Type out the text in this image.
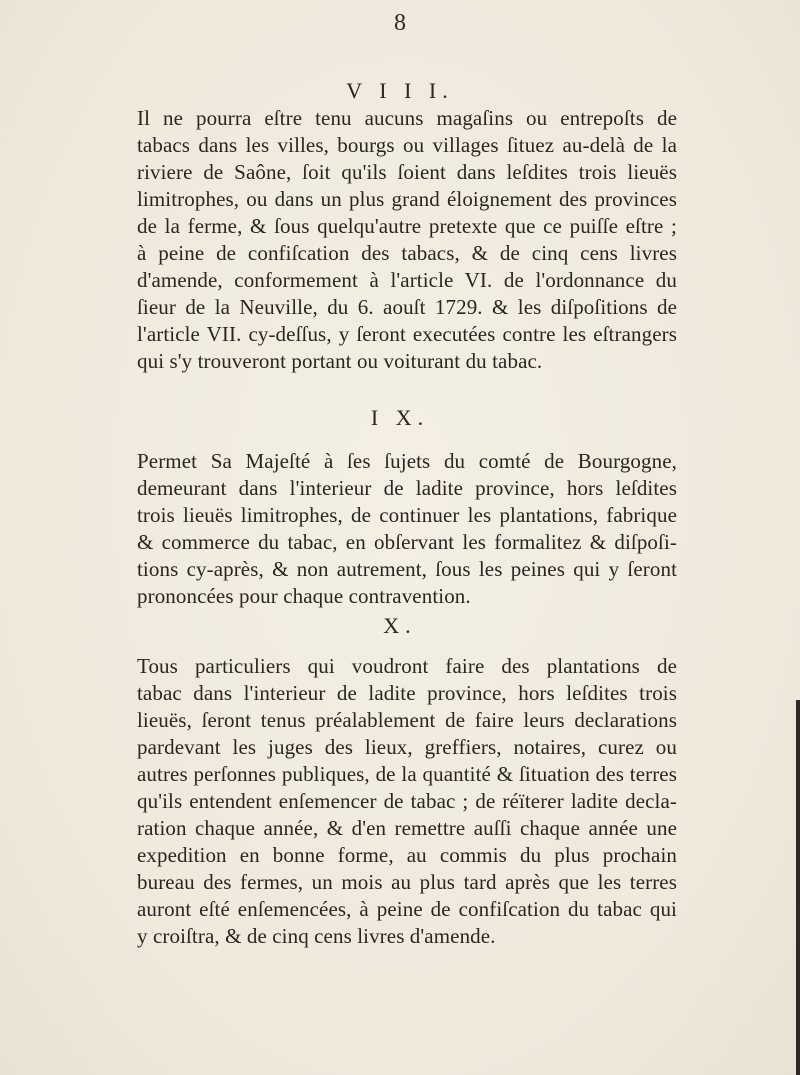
8
V I I I.
Il ne pourra eſtre tenu aucuns magaſins ou entrepoſts de
tabacs dans les villes, bourgs ou villages ſituez au-delà de la
riviere de Saône, ſoit qu'ils ſoient dans leſdites trois lieuës
limitrophes, ou dans un plus grand éloignement des provinces
de la ferme, & ſous quelqu'autre pretexte que ce puiſſe eſtre ;
à peine de confiſcation des tabacs, & de cinq cens livres
d'amende, conformement à l'article VI. de l'ordonnance du
ſieur de la Neuville, du 6. aouſt 1729. & les diſpoſitions de
l'article VII. cy-deſſus, y ſeront executées contre les eſtrangers
qui s'y trouveront portant ou voiturant du tabac.
I X.
Permet Sa Majeſté à ſes ſujets du comté de Bourgogne,
demeurant dans l'interieur de ladite province, hors leſdites
trois lieuës limitrophes, de continuer les plantations, fabrique
& commerce du tabac, en obſervant les formalitez & diſpoſi-
tions cy-après, & non autrement, ſous les peines qui y ſeront
prononcées pour chaque contravention.
X.
Tous particuliers qui voudront faire des plantations de
tabac dans l'interieur de ladite province, hors leſdites trois
lieuës, ſeront tenus préalablement de faire leurs declarations
pardevant les juges des lieux, greffiers, notaires, curez ou
autres perſonnes publiques, de la quantité & ſituation des terres
qu'ils entendent enſemencer de tabac ; de réïterer ladite decla-
ration chaque année, & d'en remettre auſſi chaque année une
expedition en bonne forme, au commis du plus prochain
bureau des fermes, un mois au plus tard après que les terres
auront eſté enſemencées, à peine de confiſcation du tabac qui
y croiſtra, & de cinq cens livres d'amende.
